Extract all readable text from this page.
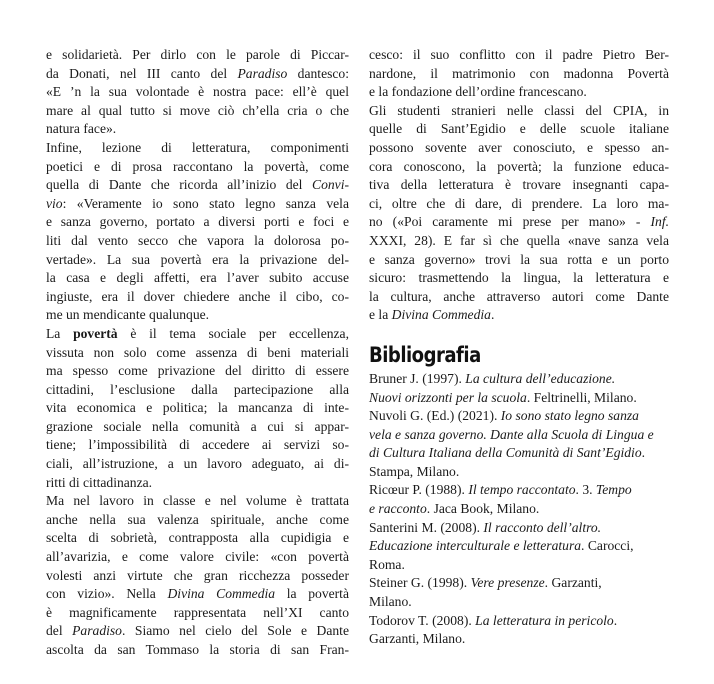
e solidarietà. Per dirlo con le parole di Piccar-
da Donati, nel III canto del Paradiso dantesco:
«E ’n la sua volontade è nostra pace: ell’è quel
mare al qual tutto si move ciò ch’ella cria o che
natura face».
Infine, lezione di letteratura, componimenti
poetici e di prosa raccontano la povertà, come
quella di Dante che ricorda all’inizio del Convi-
vio: «Veramente io sono stato legno sanza vela
e sanza governo, portato a diversi porti e foci e
liti dal vento secco che vapora la dolorosa po-
vertade». La sua povertà era la privazione del-
la casa e degli affetti, era l’aver subito accuse
ingiuste, era il dover chiedere anche il cibo, co-
me un mendicante qualunque.
La povertà è il tema sociale per eccellenza,
vissuta non solo come assenza di beni materiali
ma spesso come privazione del diritto di essere
cittadini, l’esclusione dalla partecipazione alla
vita economica e politica; la mancanza di inte-
grazione sociale nella comunità a cui si appar-
tiene; l’impossibilità di accedere ai servizi so-
ciali, all’istruzione, a un lavoro adeguato, ai di-
ritti di cittadinanza.
Ma nel lavoro in classe e nel volume è trattata
anche nella sua valenza spirituale, anche come
scelta di sobrietà, contrapposta alla cupidigia e
all’avarizia, e come valore civile: «con povertà
volesti anzi virtute che gran ricchezza posseder
con vizio». Nella Divina Commedia la povertà
è magnificamente rappresentata nell’XI canto
del Paradiso. Siamo nel cielo del Sole e Dante
ascolta da san Tommaso la storia di san Fran-
cesco: il suo conflitto con il padre Pietro Ber-
nardone, il matrimonio con madonna Povertà
e la fondazione dell’ordine francescano.
Gli studenti stranieri nelle classi del CPIA, in
quelle di Sant’Egidio e delle scuole italiane
possono sovente aver conosciuto, e spesso an-
cora conoscono, la povertà; la funzione educa-
tiva della letteratura è trovare insegnanti capa-
ci, oltre che di dare, di prendere. La loro ma-
no («Poi caramente mi prese per mano» - Inf.
XXXI, 28). E far sì che quella «nave sanza vela
e sanza governo» trovi la sua rotta e un porto
sicuro: trasmettendo la lingua, la letteratura e
la cultura, anche attraverso autori come Dante
e la Divina Commedia.
Bibliografia
Bruner J. (1997). La cultura dell’educazione.
Nuovi orizzonti per la scuola. Feltrinelli, Milano.
Nuvoli G. (Ed.) (2021). Io sono stato legno sanza
vela e sanza governo. Dante alla Scuola di Lingua e
di Cultura Italiana della Comunità di Sant’Egidio.
Stampa, Milano.
Ricœur P. (1988). Il tempo raccontato. 3. Tempo
e racconto. Jaca Book, Milano.
Santerini M. (2008). Il racconto dell’altro.
Educazione interculturale e letteratura. Carocci,
Roma.
Steiner G. (1998). Vere presenze. Garzanti,
Milano.
Todorov T. (2008). La letteratura in pericolo.
Garzanti, Milano.
